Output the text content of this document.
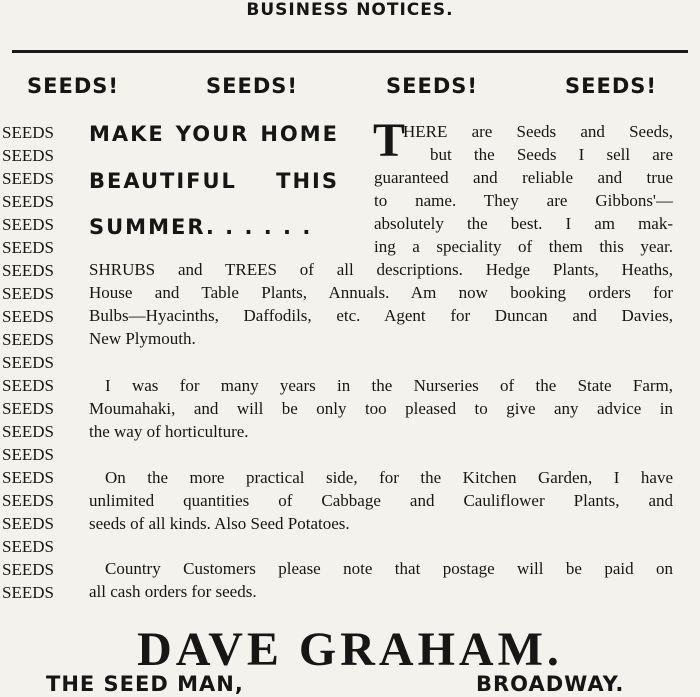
BUSINESS NOTICES.
SEEDS!	SEEDS!	SEEDS!	SEEDS!
SEEDS
SEEDS
SEEDS
SEEDS
SEEDS
SEEDS
SEEDS
SEEDS
SEEDS
SEEDS
SEEDS
SEEDS
SEEDS
SEEDS
SEEDS
SEEDS
SEEDS
SEEDS
SEEDS
SEEDS
SEEDS
MAKE YOUR HOME
BEAUTIFUL THIS
SUMMER. . . . . .
T
HERE are Seeds and Seeds,
but the Seeds I sell are
guaranteed and reliable and true
to name. They are Gibbons'—
absolutely the best. I am mak-
ing a speciality of them this year.
SHRUBS and TREES of all descriptions. Hedge Plants, Heaths,
House and Table Plants, Annuals. Am now booking orders for
Bulbs—Hyacinths, Daffodils, etc. Agent for Duncan and Davies,
New Plymouth.
I was for many years in the Nurseries of the State Farm,
Moumahaki, and will be only too pleased to give any advice in
the way of horticulture.
On the more practical side, for the Kitchen Garden, I have
unlimited quantities of Cabbage and Cauliflower Plants, and
seeds of all kinds. Also Seed Potatoes.
Country Customers please note that postage will be paid on
all cash orders for seeds.
DAVE GRAHAM.
THE SEED MAN,	BROADWAY.
